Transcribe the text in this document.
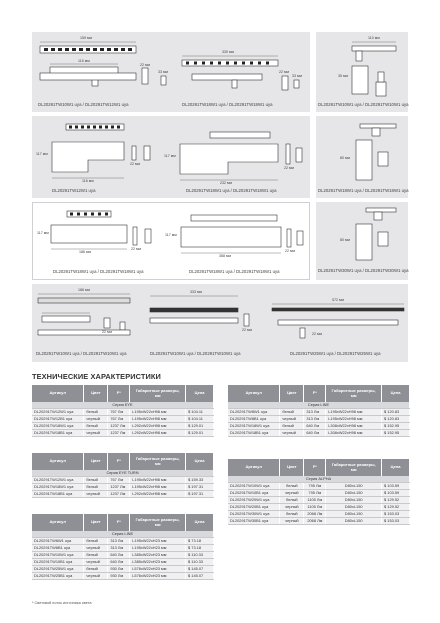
159 мм
115 мм
22 мм
33 мм
330 мм
22 мм
33 мм
DL20291TW10W1 uya / DL20291TW12W1 uya	DL20291TW18W1 uya / DL20291TW18W1 uya
110 мм
35 мм
DL20291TW10W1 uya / DL20291TW10W1 uya
117 мм
116 мм
22 мм
117 мм
232 мм
22 мм
DL20291TW12W1 uya	DL20291TW18W1 uya / DL20291TW18W1 uya
80 мм
DL20291TW18W1 uya / DL20291TW18W1 uya
117 мм
186 мм
22 мм
117 мм
368 мм
22 мм
DL20291TW18W1 uya / DL20291TW18W1 uya	DL20291TW18W1 uya / DL20291TW18W1 uya
80 мм
DL20291TW30W1 uya / DL20291TW30W1 uya
186 мм
22 мм
333 мм
22 мм
572 мм
22 мм
DL20291TW10W1 uya / DL20291TW10W1 uya	DL20291TW10W1 uya / DL20291TW10W1 uya	DL20291TW25W1 uya / DL20291TW25W1 uya
ТЕХНИЧЕСКИЕ ХАРАКТЕРИСТИКИ
Артикул	Цвет	F*	Габаритные размеры, мм	Цена
Серия EYE				
DL20291TW12W1 uya	белый	767 Лм	L195xW22xH98 мм	$ 104.11
DL20291TW12B1 uya	черный	767 Лм	L195xW22xH98 мм	$ 104.11
DL20291TW18W1 uya	белый	1237 Лм	L292xW22xH98 мм	$ 129.01
DL20291TW18B1 uya	черный	1237 Лм	L292xW22xH98 мм	$ 129.01
Артикул	Цвет	F*	Габаритные размеры, мм	Цена
Серия LINE				
DL20291TW8W1 uya	белый	313 Лм	L195xW22xH98 мм	$ 120.83
DL20291TW8B1 uya	черный	313 Лм	L195xW22xH98 мм	$ 120.83
DL20291TW18W1 uya	белый	640 Лм	L308xW22xH98 мм	$ 152.95
DL20291TW18B1 uya	черный	640 Лм	L308xW22xH98 мм	$ 152.95
Артикул	Цвет	F*	Габаритные размеры, мм	Цена
Серия EYE TURN				
DL20291TW12W1 uya	белый	767 Лм	L195xW22xH98 мм	$ 159.33
DL20291TW18W1 uya	белый	1237 Лм	L195xW22xH98 мм	$ 197.31
DL20291TW18B1 uya	черный	1237 Лм	L292xW22xH98 мм	$ 197.31
Артикул	Цвет	F*	Габаритные размеры, мм	Цена
Серия ALPHA				
DL20291TW10W1 uya	белый	795 Лм	D80xL150	$ 103.59
DL20291TW10B1 uya	черный	795 Лм	D80xL150	$ 103.59
DL20291TW20W1 uya	белый	1105 Лм	D80xL150	$ 129.52
DL20291TW20B1 uya	черный	1105 Лм	D80xL150	$ 129.52
DL20291TW30W1 uya	белый	2068 Лм	D80xL150	$ 153.03
DL20291TW30B1 uya	черный	2068 Лм	D80xL150	$ 153.03
Артикул	Цвет	F*	Габаритные размеры, мм	Цена
Серия LINE				
DL20291TW6W1 uya	белый	313 Лм	L195xW22xH23 мм	$ 73.18
DL20291TW6B1 uya	черный	313 Лм	L195xW22xH23 мм	$ 73.18
DL20291TW10W1 uya	белый	640 Лм	L385xW22xH23 мм	$ 110.33
DL20291TW10B1 uya	черный	640 Лм	L385xW22xH23 мм	$ 110.33
DL20291TW25W1 uya	белый	930 Лм	L576xW22xH23 мм	$ 145.07
DL20291TW25B1 uya	черный	930 Лм	L576xW22xH23 мм	$ 145.07
* Световой поток источника света
